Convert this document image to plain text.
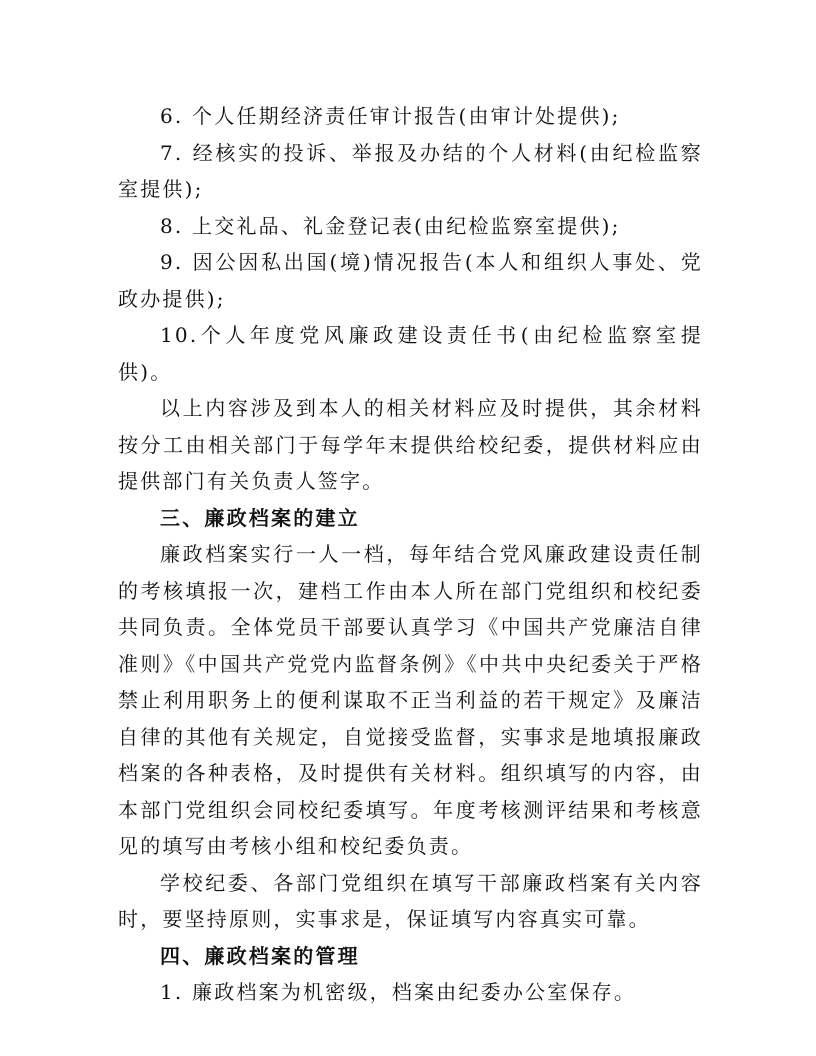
6. 个人任期经济责任审计报告(由审计处提供);

7. 经核实的投诉、举报及办结的个人材料(由纪检监察室提供);

8. 上交礼品、礼金登记表(由纪检监察室提供);

9. 因公因私出国(境)情况报告(本人和组织人事处、党政办提供);

10.个人年度党风廉政建设责任书(由纪检监察室提供)。

以上内容涉及到本人的相关材料应及时提供，其余材料按分工由相关部门于每学年末提供给校纪委，提供材料应由提供部门有关负责人签字。

三、廉政档案的建立

廉政档案实行一人一档，每年结合党风廉政建设责任制的考核填报一次，建档工作由本人所在部门党组织和校纪委共同负责。全体党员干部要认真学习《中国共产党廉洁自律准则》《中国共产党党内监督条例》《中共中央纪委关于严格禁止利用职务上的便利谋取不正当利益的若干规定》及廉洁自律的其他有关规定，自觉接受监督，实事求是地填报廉政档案的各种表格，及时提供有关材料。组织填写的内容，由本部门党组织会同校纪委填写。年度考核测评结果和考核意见的填写由考核小组和校纪委负责。

学校纪委、各部门党组织在填写干部廉政档案有关内容时，要坚持原则，实事求是，保证填写内容真实可靠。

四、廉政档案的管理

1. 廉政档案为机密级，档案由纪委办公室保存。
